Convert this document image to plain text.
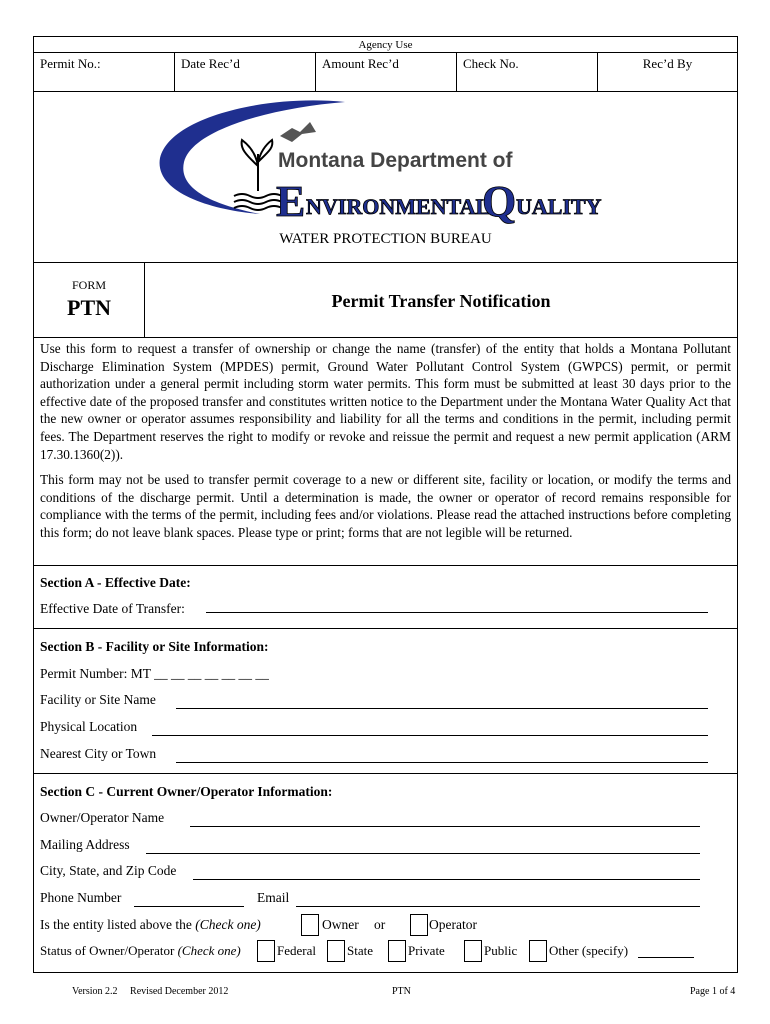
Agency Use
Permit No.:	Date Rec’d	Amount Rec’d	Check No.	Rec’d By
Montana Department of
E NVIRONMENTAL
Q UALITY
WATER PROTECTION BUREAU
FORM
PTN	Permit Transfer Notification

Use this form to request a transfer of ownership or change the name (transfer) of the entity that holds a Montana Pollutant Discharge Elimination System (MPDES) permit, Ground Water Pollutant Control System (GWPCS) permit, or permit authorization under a general permit including storm water permits. This form must be submitted at least 30 days prior to the effective date of the proposed transfer and constitutes written notice to the Department under the Montana Water Quality Act that the new owner or operator assumes responsibility and liability for all the terms and conditions in the permit, including permit fees. The Department reserves the right to modify or revoke and reissue the permit and request a new permit application (ARM 17.30.1360(2)).

This form may not be used to transfer permit coverage to a new or different site, facility or location, or modify the terms and conditions of the discharge permit. Until a determination is made, the owner or operator of record remains responsible for compliance with the terms of the permit, including fees and/or violations. Please read the attached instructions before completing this form; do not leave blank spaces. Please type or print; forms that are not legible will be returned.

Section A - Effective Date:
Effective Date of Transfer:
Section B - Facility or Site Information:
Permit Number: MT __ __ __ __ __ __ __
Facility or Site Name
Physical Location
Nearest City or Town
Section C - Current Owner/Operator Information:
Owner/Operator Name
Mailing Address
City, State, and Zip Code
Phone Number	Email
Is the entity listed above the (Check one)	Owner or	Operator
Status of Owner/Operator (Check one)	Federal State	Private	Public Other (specify)
Version 2.2     Revised December 2012	PTN	Page 1 of 4
